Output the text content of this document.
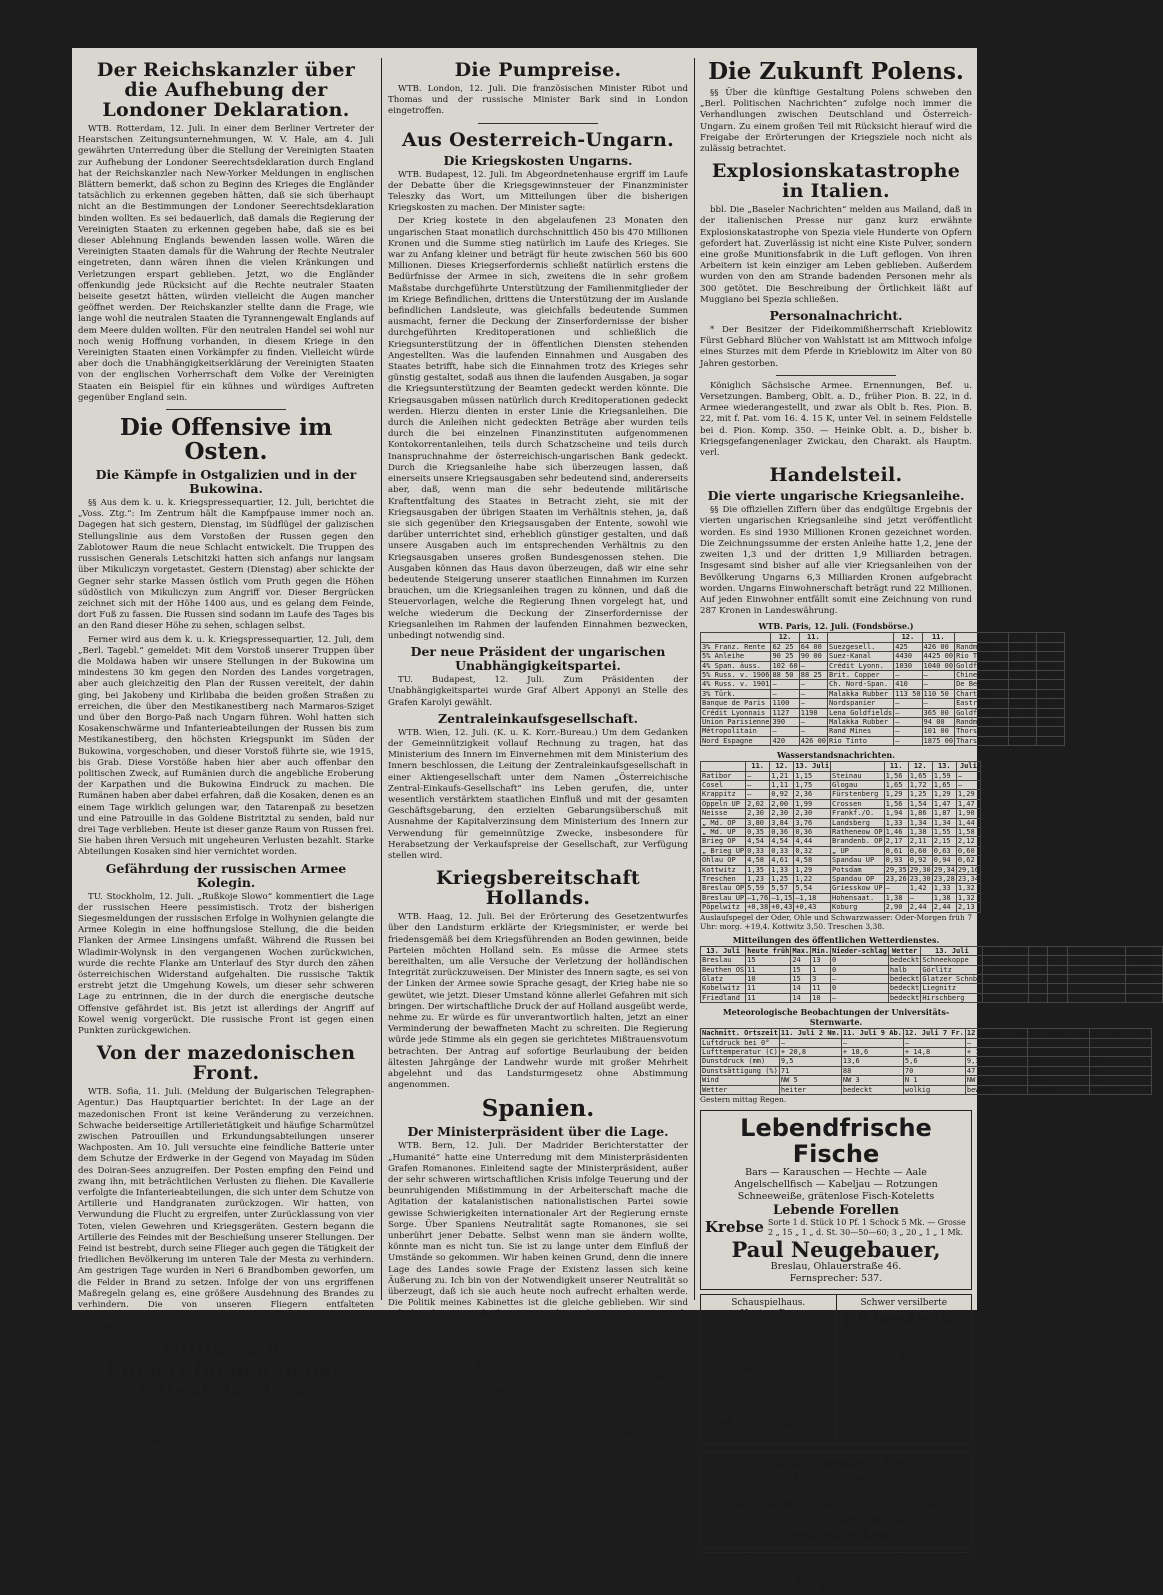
Der Reichskanzler über die Aufhebung der Londoner Deklaration.

WTB. Rotterdam, 12. Juli. In einer dem Berliner Vertreter der Hearstschen Zeitungsunternehmungen, W. V. Hale, am 4. Juli gewährten Unterredung über die Stellung der Vereinigten Staaten zur Aufhebung der Londoner Seerechtsdeklaration durch England hat der Reichskanzler nach New-Yorker Meldungen in englischen Blättern bemerkt, daß schon zu Beginn des Krieges die Engländer tatsächlich zu erkennen gegeben hätten, daß sie sich überhaupt nicht an die Bestimmungen der Londoner Seerechtsdeklaration binden wollten. Es sei bedauerlich, daß damals die Regierung der Vereinigten Staaten zu erkennen gegeben habe, daß sie es bei dieser Ablehnung Englands bewenden lassen wolle. Wären die Vereinigten Staaten damals für die Wahrung der Rechte Neutraler eingetreten, dann wären ihnen die vielen Kränkungen und Verletzungen erspart geblieben. Jetzt, wo die Engländer offenkundig jede Rücksicht auf die Rechte neutraler Staaten beiseite gesetzt hätten, würden vielleicht die Augen mancher geöffnet werden. Der Reichskanzler stellte dann die Frage, wie lange wohl die neutralen Staaten die Tyrannengewalt Englands auf dem Meere dulden wollten. Für den neutralen Handel sei wohl nur noch wenig Hoffnung vorhanden, in diesem Kriege in den Vereinigten Staaten einen Vorkämpfer zu finden. Vielleicht würde aber doch die Unabhängigkeitserklärung der Vereinigten Staaten von der englischen Vorherrschaft dem Volke der Vereinigten Staaten ein Beispiel für ein kühnes und würdiges Auftreten gegenüber England sein.

Die Offensive im Osten.
Die Kämpfe in Ostgalizien und in der Bukowina.

§§ Aus dem k. u. k. Kriegspressequartier, 12. Juli, berichtet die „Voss. Ztg.“: Im Zentrum hält die Kampfpause immer noch an. Dagegen hat sich gestern, Dienstag, im Südflügel der galizischen Stellungslinie aus dem Vorstoßen der Russen gegen den Zablotower Raum die neue Schlacht entwickelt. Die Truppen des russischen Generals Letschitzki hatten sich anfangs nur langsam über Mikuliczyn vorgetastet. Gestern (Dienstag) aber schickte der Gegner sehr starke Massen östlich vom Pruth gegen die Höhen südöstlich von Mikuliczyn zum Angriff vor. Dieser Bergrücken zeichnet sich mit der Höhe 1400 aus, und es gelang dem Feinde, dort Fuß zu fassen. Die Russen sind sodann im Laufe des Tages bis an den Rand dieser Höhe zu sehen, schlagen selbst.

Ferner wird aus dem k. u. k. Kriegspressequartier, 12. Juli, dem „Berl. Tagebl.“ gemeldet: Mit dem Vorstoß unserer Truppen über die Moldawa haben wir unsere Stellungen in der Bukowina um mindestens 30 km gegen den Norden des Landes vorgetragen, aber auch gleichzeitig den Plan der Russen vereitelt, der dahin ging, bei Jakobeny und Kirlibaba die beiden großen Straßen zu erreichen, die über den Mestikanestiberg nach Marmaros-Sziget und über den Borgo-Paß nach Ungarn führen. Wohl hatten sich Kosakenschwärme und Infanterieabteilungen der Russen bis zum Mestikanestiberg, den höchsten Kriegspunkt im Süden der Bukowina, vorgeschoben, und dieser Vorstoß führte sie, wie 1915, bis Grab. Diese Vorstöße haben hier aber auch offenbar den politischen Zweck, auf Rumänien durch die angebliche Eroberung der Karpathen und die Bukowina Eindruck zu machen. Die Rumänen haben aber dabei erfahren, daß die Kosaken, denen es an einem Tage wirklich gelungen war, den Tatarenpaß zu besetzen und eine Patrouille in das Goldene Bistritztal zu senden, bald nur drei Tage verblieben. Heute ist dieser ganze Raum von Russen frei. Sie haben ihren Versuch mit ungeheuren Verlusten bezahlt. Starke Abteilungen Kosaken sind hier vernichtet worden.

Gefährdung der russischen Armee Kolegin.

TU. Stockholm, 12. Juli. „Rußkoje Slowo“ kommentiert die Lage der russischen Heere pessimistisch. Trotz der bisherigen Siegesmeldungen der russischen Erfolge in Wolhynien gelangte die Armee Kolegin in eine hoffnungslose Stellung, die die beiden Flanken der Armee Linsingens umfaßt. Während die Russen bei Wladimir-Wolynsk in den vergangenen Wochen zurückwichen, wurde die rechte Flanke am Unterlauf des Styr durch den zähen österreichischen Widerstand aufgehalten. Die russische Taktik erstrebt jetzt die Umgehung Kowels, um dieser sehr schweren Lage zu entrinnen, die in der durch die energische deutsche Offensive gefährdet ist. Bis jetzt ist allerdings der Angriff auf Kowel wenig vorgerückt. Die russische Front ist gegen einen Punkten zurückgewichen.

Von der mazedonischen Front.

WTB. Sofia, 11. Juli. (Meldung der Bulgarischen Telegraphen-Agentur.) Das Hauptquartier berichtet: In der Lage an der mazedonischen Front ist keine Veränderung zu verzeichnen. Schwache beiderseitige Artillerietätigkeit und häufige Scharmützel zwischen Patrouillen und Erkundungsabteilungen unserer Wachposten. Am 10. Juli versuchte eine feindliche Batterie unter dem Schutze der Erdwerke in der Gegend von Mayadag im Süden des Doiran-Sees anzugreifen. Der Posten empfing den Feind und zwang ihn, mit beträchtlichen Verlusten zu fliehen. Die Kavallerie verfolgte die Infanterieabteilungen, die sich unter dem Schutze von Artillerie und Handgranaten zurückzogen. Wir hatten, von Verwundung die Flucht zu ergreifen, unter Zurücklassung von vier Toten, vielen Gewehren und Kriegsgeräten. Gestern begann die Artillerie des Feindes mit der Beschießung unserer Stellungen. Der Feind ist bestrebt, durch seine Flieger auch gegen die Tätigkeit der friedlichen Bevölkerung im unteren Tale der Mesta zu verhindern. Am gestrigen Tage wurden in Neri 6 Brandbomben geworfen, um die Felder in Brand zu setzen. Infolge der von uns ergriffenen Maßregeln gelang es, eine größere Ausdehnung des Brandes zu verhindern. Die von unseren Fliegern entfalteten Erkundungstätigkeit nimmt täglich zu; sie legen Proben lobenswerter Rührigkeit ab.

Militärische Einberufungen in den Ententeländern.

WTB. Bern, 12. Juli. Auf Befehl des italienischen Kriegsministers wurde die beurlaubte dritte Kategorie des Jahrganges 1879 auf den 14. Juli wieder unter die Waffen berufen. — Nach einer Meldung des „Berl. Tagebl.“ rief Genf hat der französische Kriegsminister, um der Überlastung der Lazarette durch Hilfsmannschaften zu entgehen, die Einberufung weiterer Teile der Jahresklasse 1888 für den 1. August angeordnet.

Die Pumpreise.

WTB. London, 12. Juli. Die französischen Minister Ribot und Thomas und der russische Minister Bark sind in London eingetroffen.

Aus Oesterreich-Ungarn.
Die Kriegskosten Ungarns.

WTB. Budapest, 12. Juli. Im Abgeordnetenhause ergriff im Laufe der Debatte über die Kriegsgewinnsteuer der Finanzminister Teleszky das Wort, um Mitteilungen über die bisherigen Kriegskosten zu machen. Der Minister sagte:

Der Krieg kostete in den abgelaufenen 23 Monaten den ungarischen Staat monatlich durchschnittlich 450 bis 470 Millionen Kronen und die Summe stieg natürlich im Laufe des Krieges. Sie war zu Anfang kleiner und beträgt für heute zwischen 560 bis 600 Millionen. Dieses Kriegserfordernis schließt natürlich erstens die Bedürfnisse der Armee in sich, zweitens die in sehr großem Maßstabe durchgeführte Unterstützung der Familienmitglieder der im Kriege Befindlichen, drittens die Unterstützung der im Auslande befindlichen Landsleute, was gleichfalls bedeutende Summen ausmacht, ferner die Deckung der Zinserfordernisse der bisher durchgeführten Kreditoperationen und schließlich die Kriegsunterstützung der in öffentlichen Diensten stehenden Angestellten. Was die laufenden Einnahmen und Ausgaben des Staates betrifft, habe sich die Einnahmen trotz des Krieges sehr günstig gestaltet, sodaß aus ihnen die laufenden Ausgaben, ja sogar die Kriegsunterstützung der Beamten gedeckt werden könnte. Die Kriegsausgaben müssen natürlich durch Kreditoperationen gedeckt werden. Hierzu dienten in erster Linie die Kriegsanleihen. Die durch die Anleihen nicht gedeckten Beträge aber wurden teils durch die bei einzelnen Finanzinstituten aufgenommenen Kontokorrentanleihen, teils durch Schatzscheine und teils durch Inanspruchnahme der österreichisch-ungarischen Bank gedeckt. Durch die Kriegsanleihe habe sich überzeugen lassen, daß einerseits unsere Kriegsausgaben sehr bedeutend sind, andererseits aber, daß, wenn man die sehr bedeutende militärische Kraftentfaltung des Staates in Betracht zieht, sie mit der Kriegsausgaben der übrigen Staaten im Verhältnis stehen, ja, daß sie sich gegenüber den Kriegsausgaben der Entente, sowohl wie darüber unterrichtet sind, erheblich günstiger gestalten, und daß unsere Ausgaben auch im entsprechenden Verhältnis zu den Kriegsausgaben unseres großen Bundesgenossen stehen. Die Ausgaben können das Haus davon überzeugen, daß wir eine sehr bedeutende Steigerung unserer staatlichen Einnahmen im Kurzen brauchen, um die Kriegsanleihen tragen zu können, und daß die Steuervorlagen, welche die Regierung Ihnen vorgelegt hat, und welche wiederum die Deckung der Zinserfordernisse der Kriegsanleihen im Rahmen der laufenden Einnahmen bezwecken, unbedingt notwendig sind.

Der neue Präsident der ungarischen Unabhängigkeitspartei.

TU. Budapest, 12. Juli. Zum Präsidenten der Unabhängigkeitspartei wurde Graf Albert Apponyi an Stelle des Grafen Karolyi gewählt.

Zentraleinkaufsgesellschaft.

WTB. Wien, 12. Juli. (K. u. K. Korr.-Bureau.) Um dem Gedanken der Gemeinnützigkeit vollauf Rechnung zu tragen, hat das Ministerium des Innern im Einvernehmen mit dem Ministerium des Innern beschlossen, die Leitung der Zentraleinkaufsgesellschaft in einer Aktiengesellschaft unter dem Namen „Österreichische Zentral-Einkaufs-Gesellschaft“ ins Leben gerufen, die, unter wesentlich verstärktem staatlichen Einfluß und mit der gesamten Geschäftsgebarung, den erzielten Gebarungsüberschuß mit Ausnahme der Kapitalverzinsung dem Ministerium des Innern zur Verwendung für gemeinnützige Zwecke, insbesondere für Herabsetzung der Verkaufspreise der Gesellschaft, zur Verfügung stellen wird.

Kriegsbereitschaft Hollands.

WTB. Haag, 12. Juli. Bei der Erörterung des Gesetzentwurfes über den Landsturm erklärte der Kriegsminister, er werde bei friedensgemäß bei dem Kriegsführenden an Boden gewinnen, beide Parteien möchten Holland sein. Es müsse die Armee stets bereithalten, um alle Versuche der Verletzung der holländischen Integrität zurückzuweisen. Der Minister des Innern sagte, es sei von der Linken der Armee sowie Sprache gesagt, der Krieg habe nie so gewütet, wie jetzt. Dieser Umstand könne allerlei Gefahren mit sich bringen. Der wirtschaftliche Druck der auf Holland ausgeübt werde, nehme zu. Er würde es für unverantwortlich halten, jetzt an einer Verminderung der bewaffneten Macht zu schreiten. Die Regierung würde jede Stimme als ein gegen sie gerichtetes Mißtrauensvotum betrachten. Der Antrag auf sofortige Beurlaubung der beiden ältesten Jahrgänge der Landwehr wurde mit großer Mehrheit abgelehnt und das Landsturmgesetz ohne Abstimmung angenommen.

Spanien.
Der Ministerpräsident über die Lage.

WTB. Bern, 12. Juli. Der Madrider Berichterstatter der „Humanité“ hatte eine Unterredung mit dem Ministerpräsidenten Grafen Romanones. Einleitend sagte der Ministerpräsident, außer der sehr schweren wirtschaftlichen Krisis infolge Teuerung und der beunruhigenden Mißstimmung in der Arbeiterschaft mache die Agitation der katalanistischen nationalistischen Partei sowie gewisse Schwierigkeiten internationaler Art der Regierung ernste Sorge. Über Spaniens Neutralität sagte Romanones, sie sei unberührt jener Debatte. Selbst wenn man sie ändern wollte, könnte man es nicht tun. Sie ist zu lange unter dem Einfluß der Umstände so gekommen. Wir haben keinen Grund, denn die innere Lage des Landes sowie Frage der Existenz lassen sich keine Äußerung zu. Ich bin von der Notwendigkeit unserer Neutralität so überzeugt, daß ich sie auch heute noch aufrecht erhalten werde. Die Politik meines Kabinettes ist die gleiche geblieben. Wir sind jedoch als Staatsoberhaupt ist der König Romanones als vertrauensvoll und von großer Bedeutung. Ebenso wurden die Marokkanischen Frage die herzliche Freundschaft in den spanisch-französischen Beziehungen.

Der Eisenbahnerausstand.

WTB. Madrid, 12. Juli. (Agence Havas.) Der Ausstand der Eisenbahner hat im gesamten Bereich der Nordbahn-Gesellschaft begonnen. Ein Zwischenfall hat sich nicht ereignet. Die Wohlfahrtsminister hat durch Erlaß die Eisenbahnerverbände vorläufig zusammengetreten. Es soll die Aufhebung der Verfassungsmäßigen Bürgschaften in Aussicht genommen haben.

Die Zukunft Polens.

§§ Über die künftige Gestaltung Polens schweben den „Berl. Politischen Nachrichten“ zufolge noch immer die Verhandlungen zwischen Deutschland und Österreich-Ungarn. Zu einem großen Teil mit Rücksicht hierauf wird die Freigabe der Erörterungen der Kriegsziele noch nicht als zulässig betrachtet.

Explosionskatastrophe in Italien.

bbl. Die „Baseler Nachrichten“ melden aus Mailand, daß in der italienischen Presse nur ganz kurz erwähnte Explosionskatastrophe von Spezia viele Hunderte von Opfern gefordert hat. Zuverlässig ist nicht eine Kiste Pulver, sondern eine große Munitionsfabrik in die Luft geflogen. Von ihren Arbeitern ist kein einziger am Leben geblieben. Außerdem wurden von den am Strande badenden Personen mehr als 300 getötet. Die Beschreibung der Örtlichkeit läßt auf Muggiano bei Spezia schließen.

Personalnachricht.

* Der Besitzer der Fideikommißherrschaft Krieblowitz Fürst Gebhard Blücher von Wahlstatt ist am Mittwoch infolge eines Sturzes mit dem Pferde in Krieblowitz im Alter von 80 Jahren gestorben.

Königlich Sächsische Armee. Ernennungen, Bef. u. Versetzungen. Bamberg, Oblt. a. D., früher Pion. B. 22, in d. Armee wiederangestellt, und zwar als Oblt b. Res. Pion. B. 22, mit f. Pat. vom 16. 4. 15 K, unter Vel. in seinem Feldstelle bei d. Pion. Komp. 350. — Heinke Oblt. a. D., bisher b. Kriegsgefangenenlager Zwickau, den Charakt. als Hauptm. verl.

Handelsteil.
Die vierte ungarische Kriegsanleihe.

§§ Die offiziellen Ziffern über das endgültige Ergebnis der vierten ungarischen Kriegsanleihe sind jetzt veröffentlicht worden. Es sind 1930 Millionen Kronen gezeichnet worden. Die Zeichnungssumme der ersten Anleihe hatte 1,2, jene der zweiten 1,3 und der dritten 1,9 Milliarden betragen. Insgesamt sind bisher auf alle vier Kriegsanleihen von der Bevölkerung Ungarns 6,3 Milliarden Kronen aufgebracht worden. Ungarns Einwohnerschaft beträgt rund 22 Millionen. Auf jeden Einwohner entfällt somit eine Zeichnung von rund 287 Kronen in Landeswährung.

WTB. Paris, 12. Juli. (Fondsbörse.)
	12.	11.		12.	11.		12.	11.
3% Franz. Rente	62 25	64 00	Suezgesell.	425	426 00	Randmines	10 90	10 90
5% Anleihe	90 25	90 00	Suez-Kanal	4430	4425 00	Rio Tinto	17 45	17 35
4% Span. äuss.	102 60	—	Crédit Lyonn.	1030	1040 00	Goldfields	43 00	44 00
5% Russ. v. 1906	88 50	88 25	Brit. Copper	—	—	Chine Copper	395 00	395 00
4% Russ. v. 1901	—	—	Ch. Nord-Span.	410	—	De Beers	401 00	40 00
3% Türk.	—	—	Malakka Rubber	113 50	110 50	Chartered	141 00	142 00
Banque de Paris	1100	—	Nordspanier	—	—	Eastrand	159 00	153 00
Crédit Lyonnais	1127	1190	Lena Goldfields	—	365 00	Goldfields	43 00	43 00
Union Parisienne	390	—	Malakka Rubber	—	94 00	Randmines	90 00	89 00
Métropolitain	—	—	Rand Mines	—	101 00	Thorsis	90 00	90 00
Nord Espagne	420	426 00	Rio Tinto	—	1875 00	Tharsis	101 00	100 00
Wasserstandsnachrichten.
	11.	12.	13. Juli		11.	12.	13.	Juli
Ratibor	—	1,21	1,15	Steinau	1,56	1,65	1,59	—
Cosel	—	1,11	1,75	Glogau	1,65	1,72	1,65	—
Krappitz	—	0,92	2,36	Fürstenberg	1,29	1,25	1,29	1,29
Oppeln UP	2,02	2,00	1,99	Crossen	1,56	1,54	1,47	1,47
Neisse	2,30	2,30	2,30	Frankf./O.	1,94	1,86	1,87	1,90
„ Md. OP	3,80	3,84	3,76	Landsberg	1,33	1,34	1,34	1,44
„ Md. UP	0,35	0,36	0,36	Ratheneow OP	1,46	1,38	1,55	1,58
Brieg OP	4,54	4,54	4,44	Brandenb. OP	2,17	2,11	2,15	2,12
„ Brieg UP	0,33	0,33	0,32	„ UP	0,61	0,60	0,63	0,60
Ohlau OP	4,58	4,61	4,58	Spandau UP	0,93	0,92	0,94	0,62
Kottwitz	1,35	1,33	1,29	Potsdam	29,35	29,30	29,34	29,16
Treschen	1,23	1,25	1,22	Spandau OP	23,26	23,30	23,28	23,34
Breslau OP	5,59	5,57	5,54	Griesskow UP	—	1,42	1,33	1,32
Breslau UP	—1,76	—1,15	—1,18	Hohensaat.	1,38	—	1,38	1,32
Pöpelwitz	+0,38	+0,43	+0,43	Koburg	2,90	2,44	2,44	2,13

Auslaufspegel der Oder, Ohle und Schwarzwasser: Oder-Morgen früh 7 Uhr: morg. +19,4. Kottwitz 3,50. Treschen 3,38.

Mitteilungen des öffentlichen Wetterdienstes.
13. Juli	heute früh	Max.	Min.	Nieder-schlag	Wetter	13. Juli	heute früh	Max.	Min.	Nieder-schlag	Wetter
Breslau	15	24	13	0	bedeckt	Schneekoppe	—	—	—	—	halbbed.
Beuthen OS	11	15	1	0	halb	Görlitz	—	—	—	—	halbbed.
Glatz	10	15	3	—	bedeckt	Glatzer Schnb.	—	—	—	—	wolkig
Kobelwitz	11	14	11	0	bedeckt	Liegnitz	—	—	—	—	Regen
Friedland	11	14	10	—	bedeckt	Hirschberg	—	—	—	—	Regen
Meteorologische Beobachtungen der Universitäts-Sternwarte.
Nachmitt. Ortszeit	11. Juli 2 Nm.	11. Juli 9 Ab.	12. Juli 7 Fr.	12. Juli 2 Nm.	12. Juli 9 Ab.	13. Juli 7 Fr.
Luftdruck bei 0°	—	—	—	—	—	—
Lufttemperatur (C)	+ 20,8	+ 18,6	+ 14,8	+ 16,8	+ 15,1	+ 14,2
Dunstdruck (mm)	9,5	13,6	5,6	9,3	9,3	9,5
Dunstsättigung (%)	71	88	70	47	69	97
Wind	NW 5	NW 3	N 1	NW 6	NO 1	S 2
Wetter	heiter	bedeckt	wolkig	bewölkt	bedeckt	bedeckt

Gestern mittag Regen.

Lebendfrische Fische
Bars — Karauschen — Hechte — Aale
Angelschellfisch — Kabeljau — Rotzungen
Schneeweiße, grätenlose Fisch-Koteletts
Lebende Forellen
Krebse Sorte 1 d. Stück 10 Pf. 1 Schock 5 Mk. — Grosse 2 „ 15 „ 1 „ d. St. 30—50—60; 3 „ 20 „ 1 „ 1 Mk.
Paul Neugebauer,
Breslau, Ohlauerstraße 46.
Fernsprecher: 537.
Schauspielhaus.
Heute: „Das Dreimäderlhaus“.
„Krona“
Einzelmöbel
wie Schreib-, Bücherschr., Chaiselongues, Kleiderschr., Sofa, Umb., Standuhr
sowie complette Herrenzimm., Speisez.
M. Grau Nchf., Albrechtstr. 39.
Schwer versilberte
Eßbestecke
Fischbestecke, Obstbestecke
Carl Weitz,
Junkernstr. 27/29, Ecke Schuhbrücke, im „Goldenen Gans“.
Verkauf gebr. einr. u. gut. Möbel, Herren-, Speise-, Schlafzimmer, Eisenschränke.
Mühle Kapsdorf, Post Mörschelwitz,
Station Nogau, Telephon Gnichwitz 4,
verarbeitet Gerste zu Graupe, Grütze, Gries, Mehl, Gerstenflocken.
Verantwortlich für den politischen Teil: i. V. Richard Jolisch, für den provinziellen und den weiteren Inhalt der Zeitung: Dr. Franz Reinecke, beide in Breslau. Druck von Wilh. Gottl. Korn in Breslau.
